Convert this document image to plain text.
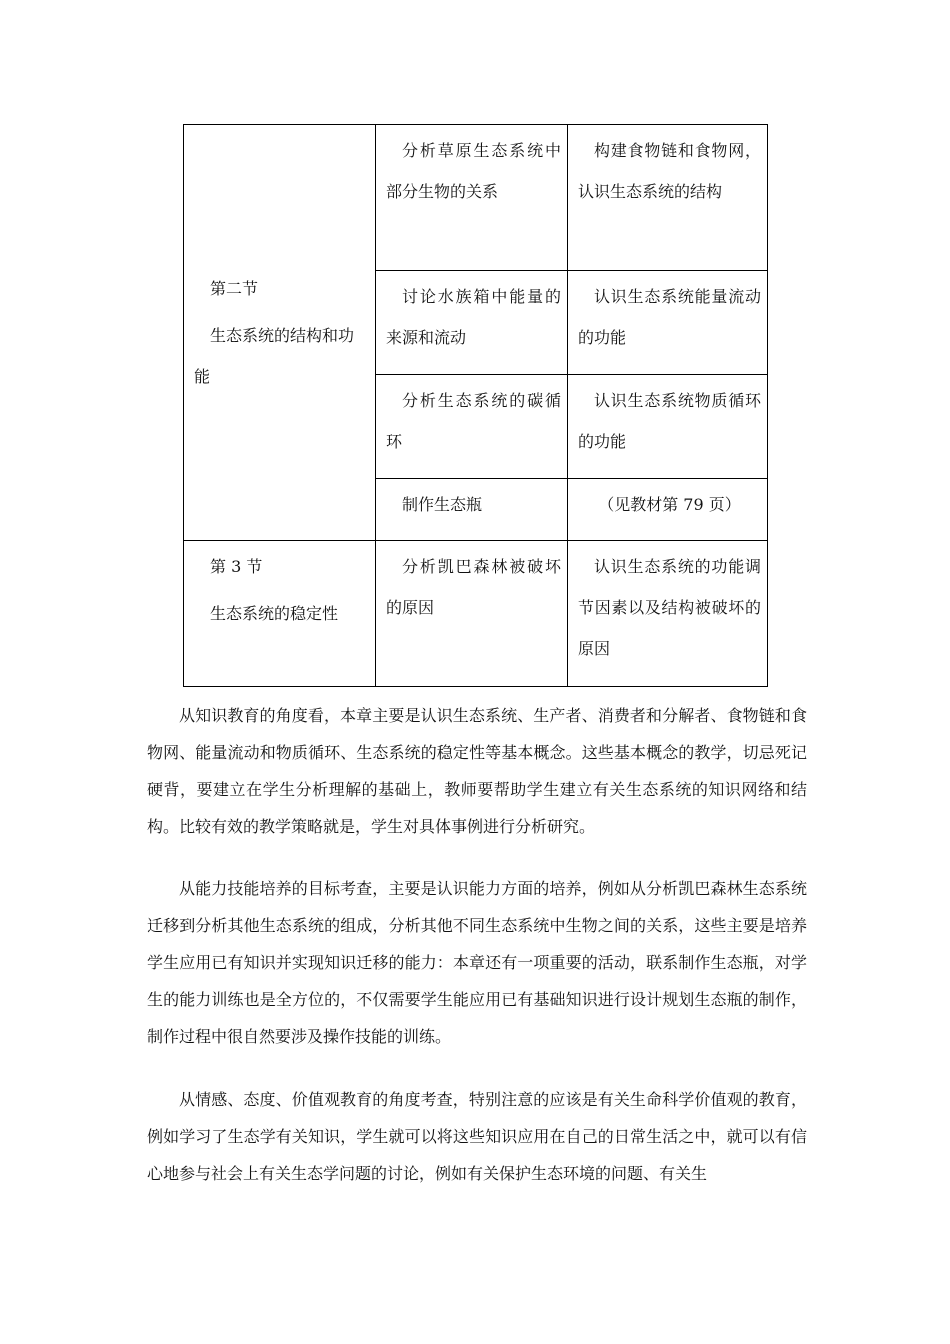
第二节
生态系统的结构和功能	分析草原生态系统中部分生物的关系	构建食物链和食物网，认识生态系统的结构

	讨论水族箱中能量的来源和流动	认识生态系统能量流动的功能

	分析生态系统的碳循环	认识生态系统物质循环的功能

	制作生态瓶	（见教材第 79 页）

第 3 节
生态系统的稳定性	分析凯巴森林被破坏的原因	认识生态系统的功能调节因素以及结构被破坏的原因

从知识教育的角度看，本章主要是认识生态系统、生产者、消费者和分解者、食物链和食物网、能量流动和物质循环、生态系统的稳定性等基本概念。这些基本概念的教学，切忌死记硬背，要建立在学生分析理解的基础上，教师要帮助学生建立有关生态系统的知识网络和结构。比较有效的教学策略就是，学生对具体事例进行分析研究。

从能力技能培养的目标考查，主要是认识能力方面的培养，例如从分析凯巴森林生态系统迁移到分析其他生态系统的组成，分析其他不同生态系统中生物之间的关系，这些主要是培养学生应用已有知识并实现知识迁移的能力：本章还有一项重要的活动，联系制作生态瓶，对学生的能力训练也是全方位的，不仅需要学生能应用已有基础知识进行设计规划生态瓶的制作，制作过程中很自然要涉及操作技能的训练。

从情感、态度、价值观教育的角度考查，特别注意的应该是有关生命科学价值观的教育，例如学习了生态学有关知识，学生就可以将这些知识应用在自己的日常生活之中，就可以有信心地参与社会上有关生态学问题的讨论，例如有关保护生态环境的问题、有关生
